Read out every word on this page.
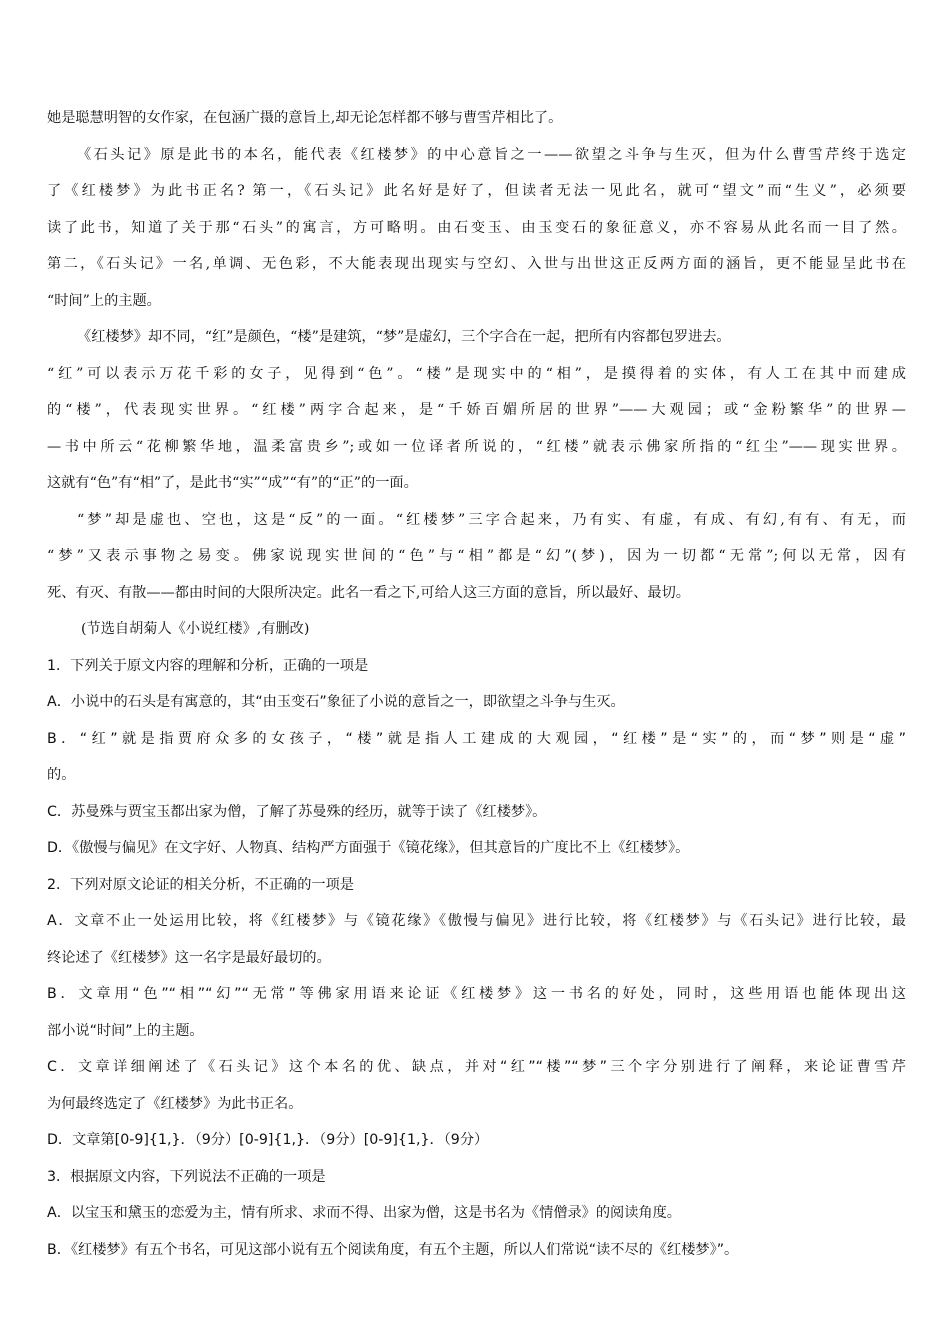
她是聪慧明智的女作家，在包涵广摄的意旨上,却无论怎样都不够与曹雪芹相比了。
《石头记》原是此书的本名，能代表《红楼梦》的中心意旨之一——欲望之斗争与生灭，但为什么曹雪芹终于选定
了《红楼梦》为此书正名? 第一，《石头记》此名好是好了，但读者无法一见此名，就可“望文”而“生义”，必须要
读了此书，知道了关于那“石头”的寓言，方可略明。由石变玉、由玉变石的象征意义，亦不容易从此名而一目了然。
第二，《石头记》一名,单调、无色彩，不大能表现出现实与空幻、入世与出世这正反两方面的涵旨，更不能显呈此书在
“时间”上的主题。
《红楼梦》却不同，“红”是颜色，“楼”是建筑，“梦”是虚幻，三个字合在一起，把所有内容都包罗进去。
“红”可以表示万花千彩的女子，见得到“色”。“楼”是现实中的“相”，是摸得着的实体，有人工在其中而建成
的“楼”，代表现实世界。“红楼”两字合起来，是“千娇百媚所居的世界”——大观园；或“金粉繁华”的世界—
—书中所云“花柳繁华地，温柔富贵乡”;或如一位译者所说的，“红楼”就表示佛家所指的“红尘”——现实世界。
这就有“色”有“相”了，是此书“实”“成”“有”的“正”的一面。
“梦”却是虚也、空也，这是“反”的一面。“红楼梦”三字合起来，乃有实、有虚，有成、有幻,有有、有无，而
“梦”又表示事物之易变。佛家说现实世间的“色”与“相”都是“幻”(梦)，因为一切都“无常”;何以无常，因有
死、有灭、有散——都由时间的大限所决定。此名一看之下,可给人这三方面的意旨，所以最好、最切。
(节选自胡菊人《小说红楼》,有删改)
1．下列关于原文内容的理解和分析，正确的一项是
A．小说中的石头是有寓意的，其“由玉变石”象征了小说的意旨之一，即欲望之斗争与生灭。
B．“红”就是指贾府众多的女孩子，“楼”就是指人工建成的大观园，“红楼”是“实”的，而“梦”则是“虚”
的。
C．苏曼殊与贾宝玉都出家为僧，了解了苏曼殊的经历，就等于读了《红楼梦》。
D．《傲慢与偏见》在文字好、人物真、结构严方面强于《镜花缘》，但其意旨的广度比不上《红楼梦》。
2．下列对原文论证的相关分析，不正确的一项是
A．文章不止一处运用比较，将《红楼梦》与《镜花缘》《傲慢与偏见》进行比较，将《红楼梦》与《石头记》进行比较，最
终论述了《红楼梦》这一名字是最好最切的。
B．文章用“色”“相”“幻”“无常”等佛家用语来论证《红楼梦》这一书名的好处，同时，这些用语也能体现出这
部小说“时间”上的主题。
C．文章详细阐述了《石头记》这个本名的优、缺点，并对“红”“楼”“梦”三个字分别进行了阐释，来论证曹雪芹
为何最终选定了《红楼梦》为此书正名。
D．文章第[0-9]{1,}．（9分）[0-9]{1,}．（9分）[0-9]{1,}．（9分）
3．根据原文内容，下列说法不正确的一项是
A．以宝玉和黛玉的恋爱为主，情有所求、求而不得、出家为僧，这是书名为《情僧录》的阅读角度。
B．《红楼梦》有五个书名，可见这部小说有五个阅读角度，有五个主题，所以人们常说“读不尽的《红楼梦》”。
